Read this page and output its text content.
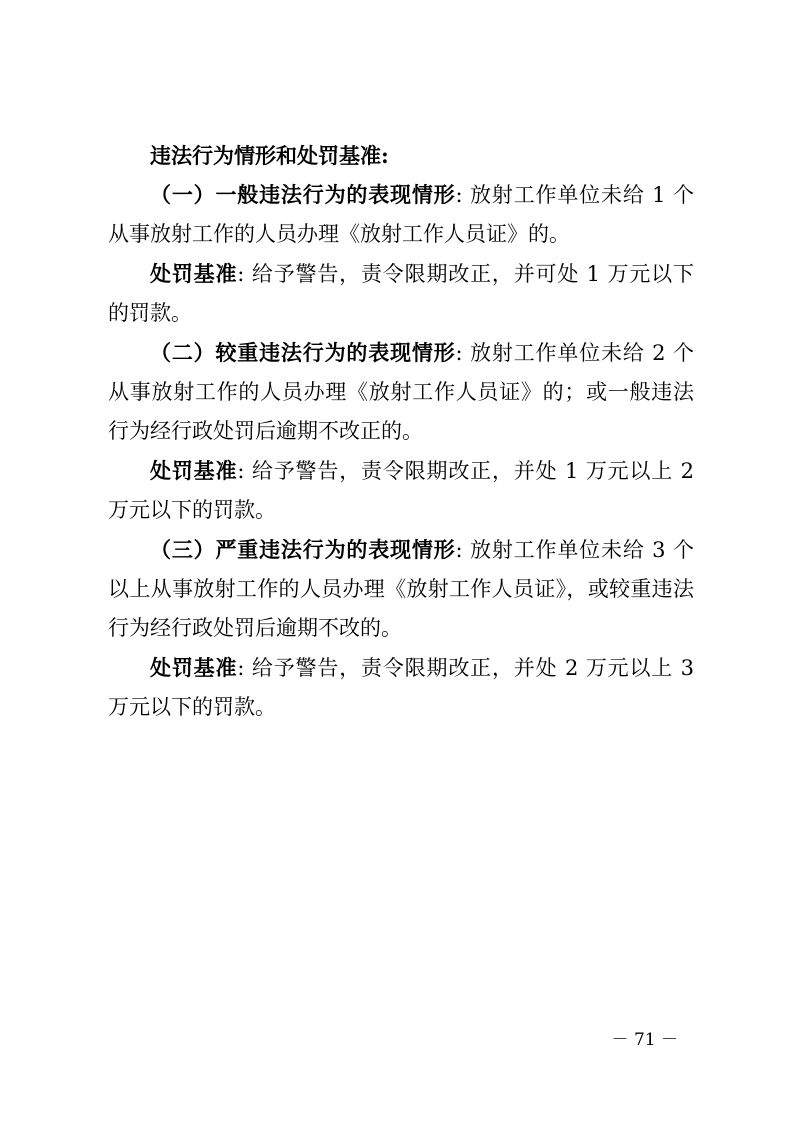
违法行为情形和处罚基准:

（一）一般违法行为的表现情形: 放射工作单位未给 1 个从事放射工作的人员办理《放射工作人员证》的。

处罚基准: 给予警告，责令限期改正，并可处 1 万元以下的罚款。

（二）较重违法行为的表现情形: 放射工作单位未给 2 个从事放射工作的人员办理《放射工作人员证》的；或一般违法行为经行政处罚后逾期不改正的。

处罚基准: 给予警告，责令限期改正，并处 1 万元以上 2 万元以下的罚款。

（三）严重违法行为的表现情形: 放射工作单位未给 3 个以上从事放射工作的人员办理《放射工作人员证》，或较重违法行为经行政处罚后逾期不改的。

处罚基准: 给予警告，责令限期改正，并处 2 万元以上 3 万元以下的罚款。

－ 71 －
